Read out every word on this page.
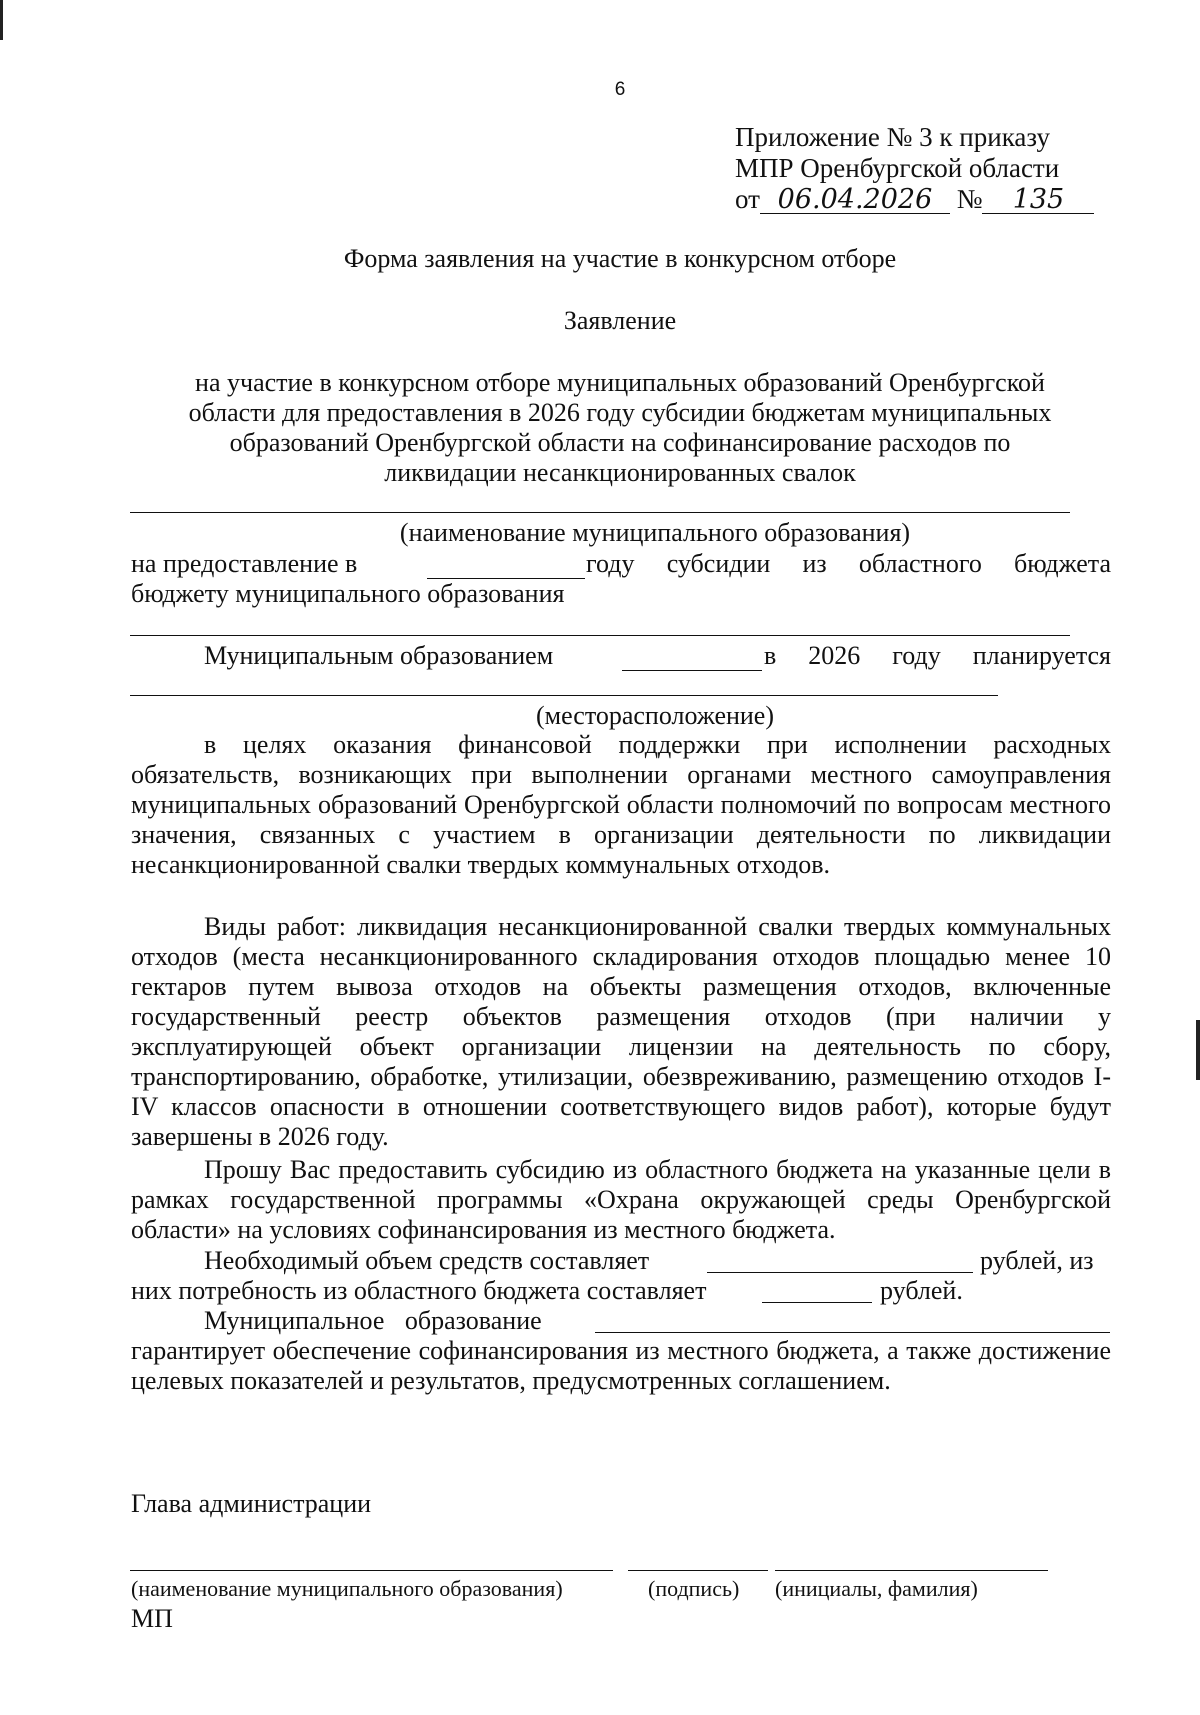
6
Приложение № 3 к приказу
МПР Оренбургской области
от 06.04.2026 № 135
Форма заявления на участие в конкурсном отборе
Заявление
на участие в конкурсном отборе муниципальных образований Оренбургской
области для предоставления в 2026 году субсидии бюджетам муниципальных
образований Оренбургской области на софинансирование расходов по
ликвидации несанкционированных свалок
(наименование муниципального образования)
на предоставление в	году субсидии из областного бюджета
бюджету муниципального образования
Муниципальным образованием	в 2026 году планируется
(месторасположение)
в целях оказания финансовой поддержки при исполнении расходных обязательств, возникающих при выполнении органами местного самоуправления муниципальных образований Оренбургской области полномочий по вопросам местного значения, связанных с участием в организации деятельности по ликвидации несанкционированной свалки твердых коммунальных отходов.
Виды работ: ликвидация несанкционированной свалки твердых коммунальных отходов (места несанкционированного складирования отходов площадью менее 10 гектаров путем вывоза отходов на объекты размещения отходов, включенные государственный реестр объектов размещения отходов (при наличии у эксплуатирующей объект организации лицензии на деятельность по сбору, транспортированию, обработке, утилизации, обезвреживанию, размещению отходов I-IV классов опасности в отношении соответствующего видов работ), которые будут завершены в 2026 году.
Прошу Вас предоставить субсидию из областного бюджета на указанные цели в рамках государственной программы «Охрана окружающей среды Оренбургской области» на условиях софинансирования из местного бюджета.
Необходимый объем средств составляет	рублей, из
них потребность из областного бюджета составляет	рублей.
Муниципальное образование
гарантирует обеспечение софинансирования из местного бюджета, а также достижение целевых показателей и результатов, предусмотренных соглашением.
Глава администрации
(наименование муниципального образования)	(подпись) (инициалы, фамилия)
МП
